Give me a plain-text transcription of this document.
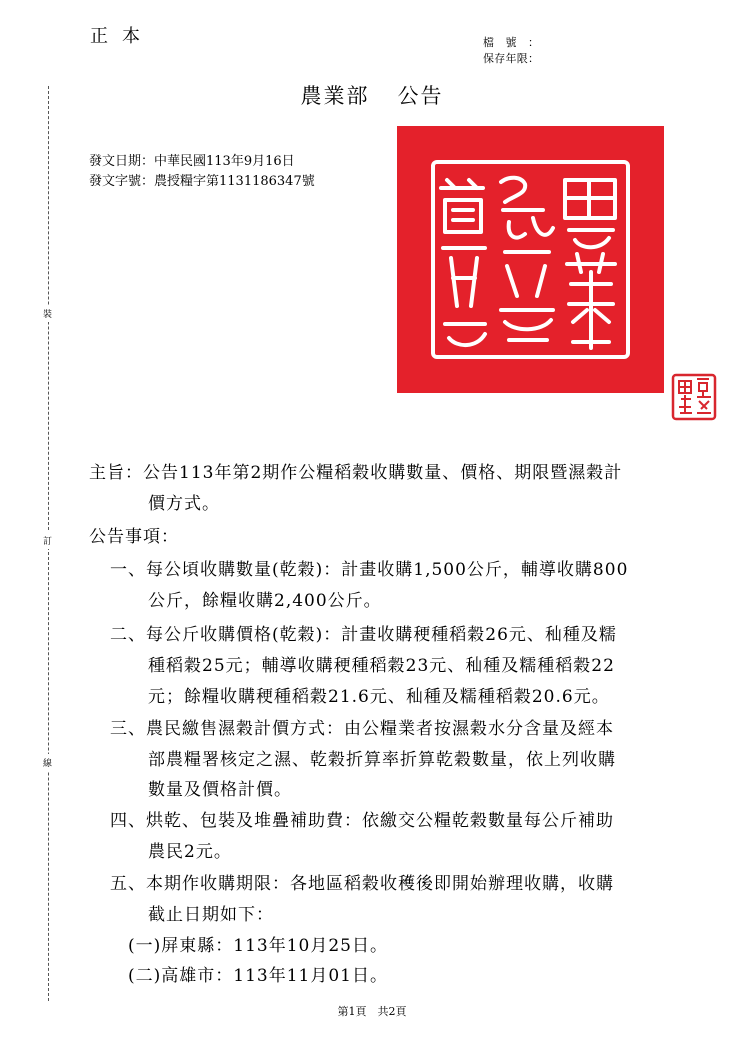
正本	檔號：
保存年限：
農業部 公告
發文日期：中華民國113年9月16日
發文字號：農授糧字第1131186347號
裝
訂
線
主旨：公告113年第2期作公糧稻穀收購數量、價格、期限暨濕穀計
價方式。
公告事項：
一、每公頃收購數量(乾穀)：計畫收購1,500公斤，輔導收購800
公斤，餘糧收購2,400公斤。
二、每公斤收購價格(乾穀)：計畫收購稉種稻穀26元、秈種及糯
種稻穀25元；輔導收購稉種稻穀23元、秈種及糯種稻穀22
元；餘糧收購稉種稻穀21.6元、秈種及糯種稻穀20.6元。
三、農民繳售濕穀計價方式：由公糧業者按濕穀水分含量及經本
部農糧署核定之濕、乾穀折算率折算乾穀數量，依上列收購
數量及價格計價。
四、烘乾、包裝及堆疊補助費：依繳交公糧乾穀數量每公斤補助
農民2元。
五、本期作收購期限：各地區稻穀收穫後即開始辦理收購，收購
截止日期如下：
(一)屏東縣：113年10月25日。
(二)高雄市：113年11月01日。
第1頁　共2頁
